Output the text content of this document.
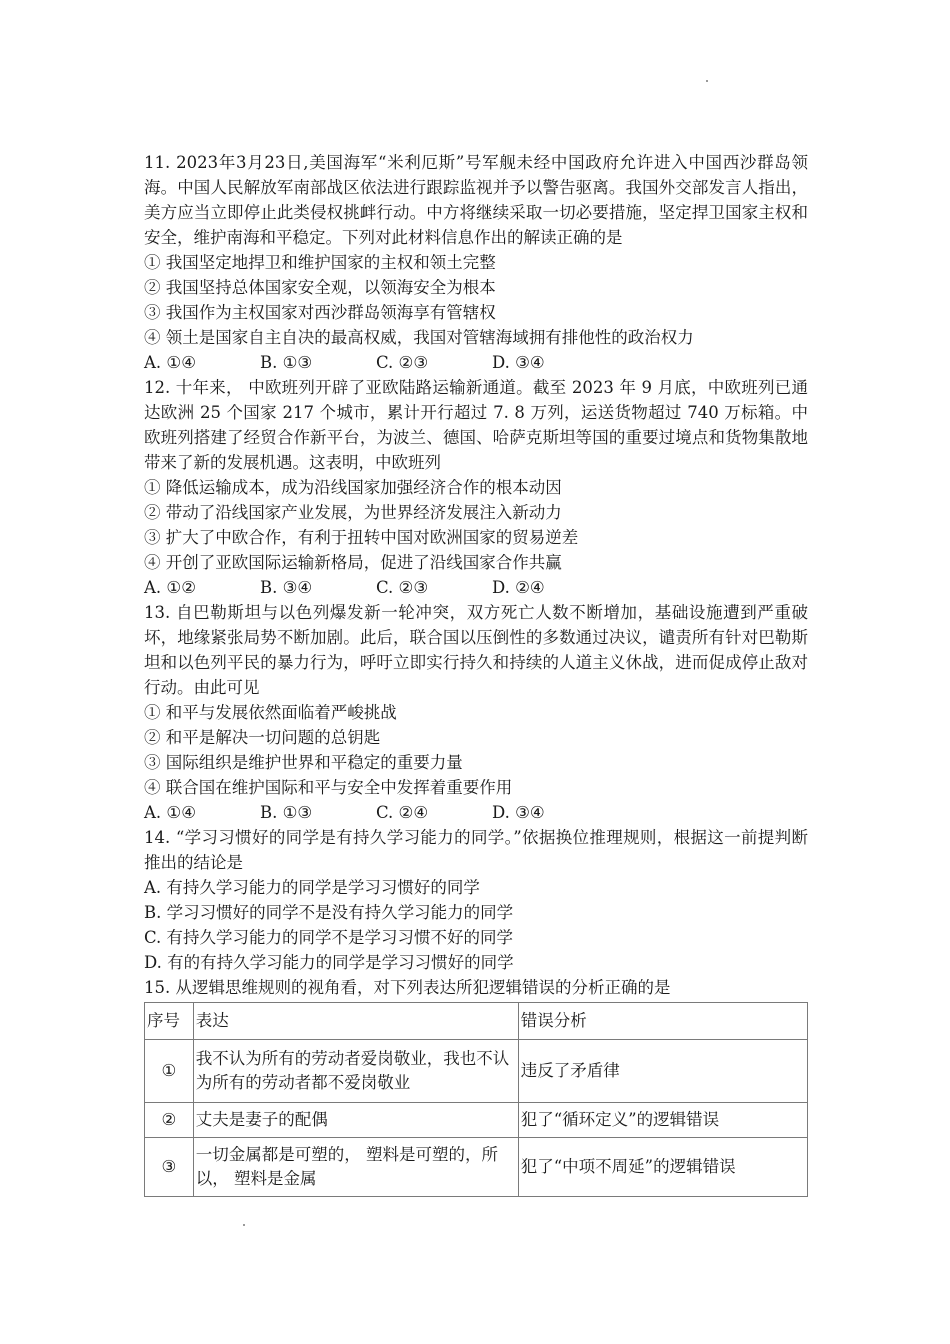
11. 2023年3月23日,美国海军“米利厄斯”号军舰未经中国政府允许进入中国西沙群岛领海。中国人民解放军南部战区依法进行跟踪监视并予以警告驱离。我国外交部发言人指出，美方应当立即停止此类侵权挑衅行动。中方将继续采取一切必要措施，坚定捍卫国家主权和安全，维护南海和平稳定。下列对此材料信息作出的解读正确的是

① 我国坚定地捍卫和维护国家的主权和领土完整

② 我国坚持总体国家安全观，以领海安全为根本

③ 我国作为主权国家对西沙群岛领海享有管辖权

④ 领土是国家自主自决的最高权威，我国对管辖海域拥有排他性的政治权力

A. ①④	B. ①③	C. ②③	D. ③④

12. 十年来， 中欧班列开辟了亚欧陆路运输新通道。截至 2023 年 9 月底，中欧班列已通达欧洲 25 个国家 217 个城市，累计开行超过 7. 8 万列，运送货物超过 740 万标箱。中欧班列搭建了经贸合作新平台，为波兰、德国、哈萨克斯坦等国的重要过境点和货物集散地带来了新的发展机遇。这表明，中欧班列

① 降低运输成本，成为沿线国家加强经济合作的根本动因

② 带动了沿线国家产业发展，为世界经济发展注入新动力

③ 扩大了中欧合作，有利于扭转中国对欧洲国家的贸易逆差

④ 开创了亚欧国际运输新格局，促进了沿线国家合作共赢

A. ①②	B. ③④	C. ②③	D. ②④

13. 自巴勒斯坦与以色列爆发新一轮冲突，双方死亡人数不断增加，基础设施遭到严重破坏，地缘紧张局势不断加剧。此后，联合国以压倒性的多数通过决议，谴责所有针对巴勒斯坦和以色列平民的暴力行为，呼吁立即实行持久和持续的人道主义休战，进而促成停止敌对行动。由此可见

① 和平与发展依然面临着严峻挑战

② 和平是解决一切问题的总钥匙

③ 国际组织是维护世界和平稳定的重要力量

④ 联合国在维护国际和平与安全中发挥着重要作用

A. ①④	B. ①③	C. ②④	D. ③④

14. “学习习惯好的同学是有持久学习能力的同学。”依据换位推理规则，根据这一前提判断推出的结论是

A. 有持久学习能力的同学是学习习惯好的同学

B. 学习习惯好的同学不是没有持久学习能力的同学

C. 有持久学习能力的同学不是学习习惯不好的同学

D. 有的有持久学习能力的同学是学习习惯好的同学

15. 从逻辑思维规则的视角看，对下列表达所犯逻辑错误的分析正确的是

序号	表达	错误分析
①	我不认为所有的劳动者爱岗敬业，我也不认为所有的劳动者都不爱岗敬业	违反了矛盾律
②	丈夫是妻子的配偶	犯了“循环定义”的逻辑错误
③	一切金属都是可塑的， 塑料是可塑的，所以， 塑料是金属	犯了“中项不周延”的逻辑错误
